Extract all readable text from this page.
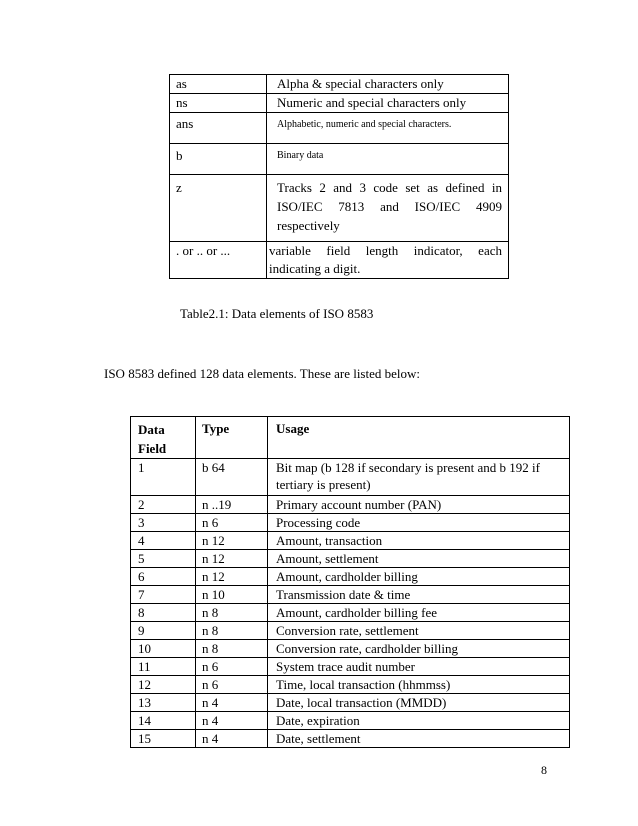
as	Alpha & special characters only
ns	Numeric and special characters only
ans	Alphabetic, numeric and special characters.
b	Binary data
z	Tracks 2 and 3 code set as defined in ISO/IEC 7813 and ISO/IEC 4909 respectively
. or .. or ...	variable field length indicator, each indicating a digit.
Table2.1: Data elements of ISO 8583
ISO 8583 defined 128 data elements. These are listed below:
Data Field	Type	Usage
1	b 64	Bit map (b 128 if secondary is present and b 192 if tertiary is present)
2	n ..19	Primary account number (PAN)
3	n 6	Processing code
4	n 12	Amount, transaction
5	n 12	Amount, settlement
6	n 12	Amount, cardholder billing
7	n 10	Transmission date & time
8	n 8	Amount, cardholder billing fee
9	n 8	Conversion rate, settlement
10	n 8	Conversion rate, cardholder billing
11	n 6	System trace audit number
12	n 6	Time, local transaction (hhmmss)
13	n 4	Date, local transaction (MMDD)
14	n 4	Date, expiration
15	n 4	Date, settlement
8
